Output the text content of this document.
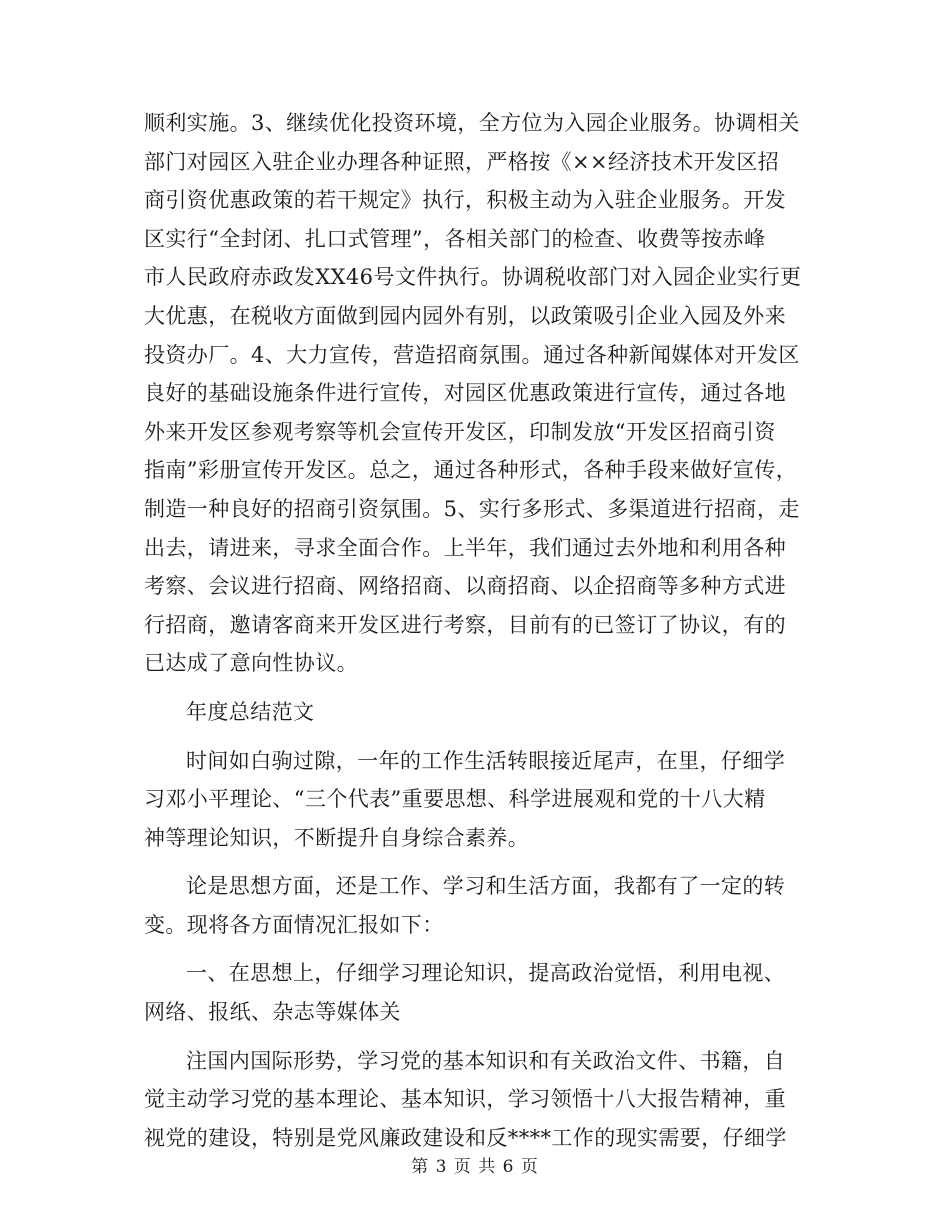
顺利实施。3、继续优化投资环境，全方位为入园企业服务。协调相关
部门对园区入驻企业办理各种证照，严格按《××经济技术开发区招
商引资优惠政策的若干规定》执行，积极主动为入驻企业服务。开发
区实行“全封闭、扎口式管理”，各相关部门的检查、收费等按赤峰
市人民政府赤政发XX46号文件执行。协调税收部门对入园企业实行更
大优惠，在税收方面做到园内园外有别，以政策吸引企业入园及外来
投资办厂。4、大力宣传，营造招商氛围。通过各种新闻媒体对开发区
良好的基础设施条件进行宣传，对园区优惠政策进行宣传，通过各地
外来开发区参观考察等机会宣传开发区，印制发放“开发区招商引资
指南”彩册宣传开发区。总之，通过各种形式，各种手段来做好宣传，
制造一种良好的招商引资氛围。5、实行多形式、多渠道进行招商，走
出去，请进来，寻求全面合作。上半年，我们通过去外地和利用各种
考察、会议进行招商、网络招商、以商招商、以企招商等多种方式进
行招商，邀请客商来开发区进行考察，目前有的已签订了协议，有的
已达成了意向性协议。
年度总结范文
时间如白驹过隙，一年的工作生活转眼接近尾声，在里，仔细学
习邓小平理论、“三个代表”重要思想、科学进展观和党的十八大精
神等理论知识，不断提升自身综合素养。
论是思想方面，还是工作、学习和生活方面，我都有了一定的转
变。现将各方面情况汇报如下：
一、在思想上，仔细学习理论知识，提高政治觉悟，利用电视、
网络、报纸、杂志等媒体关
注国内国际形势，学习党的基本知识和有关政治文件、书籍，自
觉主动学习党的基本理论、基本知识，学习领悟十八大报告精神，重
视党的建设，特别是党风廉政建设和反****工作的现实需要，仔细学
第 3 页 共 6 页
